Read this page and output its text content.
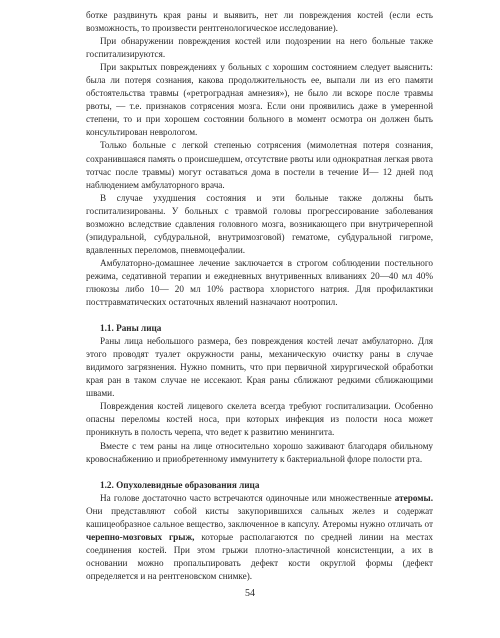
ботке раздвинуть края раны и выявить, нет ли повреждения костей (если есть возможность, то произвести рентгенологическое исследование).

При обнаружении повреждения костей или подозрении на него больные также госпитализируются.

При закрытых повреждениях у больных с хорошим состоянием следует выяснить: была ли потеря сознания, какова продолжительность ее, выпали ли из его памяти обстоятельства травмы («ретроградная амнезия»), не было ли вскоре после травмы рвоты, — т.е. признаков сотрясения мозга. Если они проявились даже в умеренной степени, то и при хорошем состоянии больного в момент осмотра он должен быть консультирован неврологом.

Только больные с легкой степенью сотрясения (мимолетная потеря сознания, сохранившаяся память о происшедшем, отсутствие рвоты или однократная легкая рвота тотчас после травмы) могут оставаться дома в постели в течение И— 12 дней под наблюдением амбулаторного врача.

В случае ухудшения состояния и эти больные также должны быть госпитализированы. У больных с травмой головы прогрессирование заболевания возможно вследствие сдавления головного мозга, возникающего при внутричерепной (эпидуральной, субдуральной, внутримозговой) гематоме, субдуральной гигроме, вдавленных переломов, пневмоцефалии.

Амбулаторно-домашнее лечение заключается в строгом соблюдении постельного режима, седативной терапии и ежедневных внутривенных вливаниях 20—40 мл 40% глюкозы либо 10— 20 мл 10% раствора хлористого натрия. Для профилактики посттравматических остаточных явлений назначают ноотропил.

1.1. Раны лица

Раны лица небольшого размера, без повреждения костей лечат амбулаторно. Для этого проводят туалет окружности раны, механическую очистку раны в случае видимого загрязнения. Нужно помнить, что при первичной хирургической обработки края ран в таком случае не иссекают. Края раны сближают редкими сближающими швами.

Повреждения костей лицевого скелета всегда требуют госпитализации. Особенно опасны переломы костей носа, при которых инфекция из полости носа может проникнуть в полость черепа, что ведет к развитию менингита.

Вместе с тем раны на лице относительно хорошо заживают благодаря обильному кровоснабжению и приобретенному иммунитету к бактериальной флоре полости рта.

1.2. Опухолевидные образования лица

На голове достаточно часто встречаются одиночные или множественные атеромы. Они представляют собой кисты закупорившихся сальных желез и содержат кашицеобразное сальное вещество, заключенное в капсулу. Атеромы нужно отличать от черепно-мозговых грыж, которые располагаются по средней линии на местах соединения костей. При этом грыжи плотно-эластичной консистенции, а их в основании можно пропальпировать дефект кости округлой формы (дефект определяется и на рентгеновском снимке).

54
